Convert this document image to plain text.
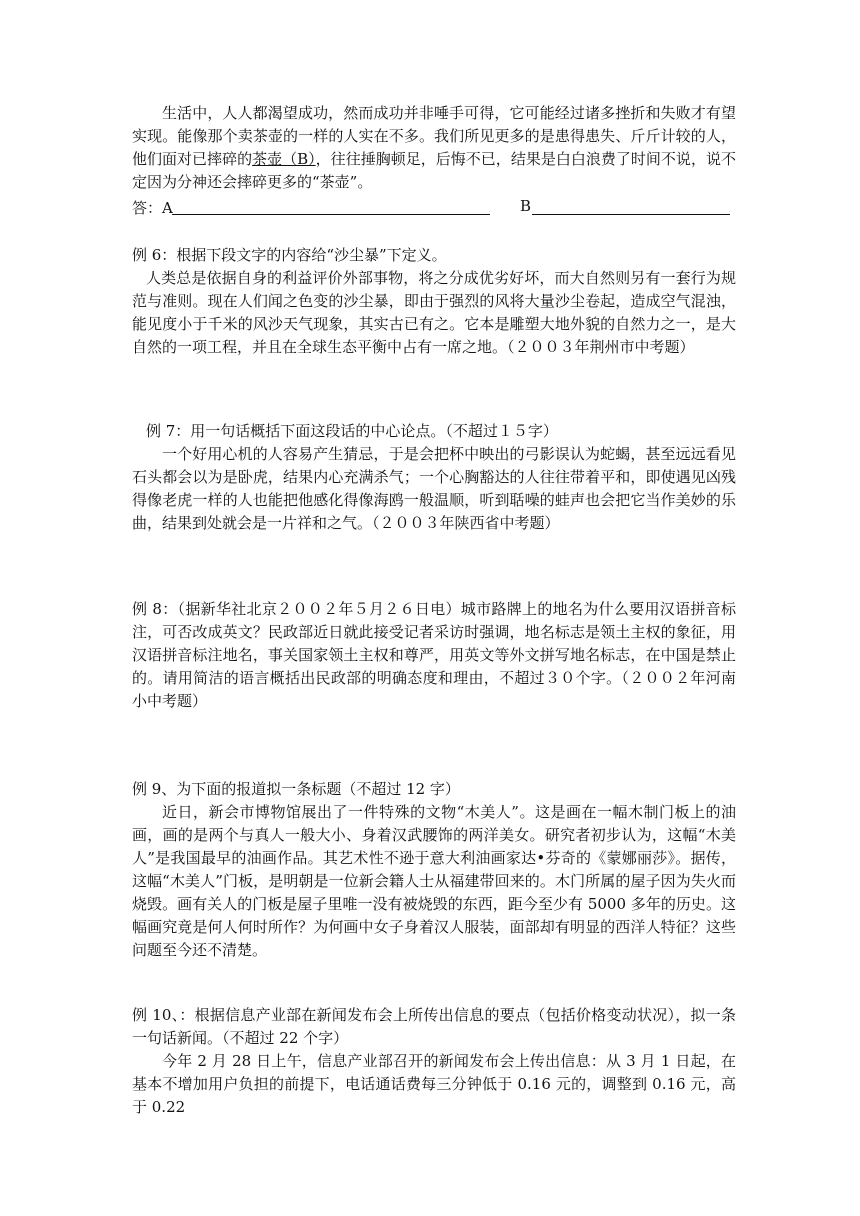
生活中，人人都渴望成功，然而成功并非唾手可得，它可能经过诸多挫折和失败才有望实现。能像那个卖茶壶的一样的人实在不多。我们所见更多的是患得患失、斤斤计较的人，他们面对已摔碎的茶壶（B），往往捶胸顿足，后悔不已，结果是白白浪费了时间不说，说不定因为分神还会摔碎更多的“茶壶”。

答：A	B

例 6：根据下段文字的内容给“沙尘暴”下定义。

人类总是依据自身的利益评价外部事物，将之分成优劣好坏，而大自然则另有一套行为规范与准则。现在人们闻之色变的沙尘暴，即由于强烈的风将大量沙尘卷起，造成空气混浊，能见度小于千米的风沙天气现象，其实古已有之。它本是雕塑大地外貌的自然力之一，是大自然的一项工程，并且在全球生态平衡中占有一席之地。（２００３年荆州市中考题）

例 7：用一句话概括下面这段话的中心论点。（不超过１５字）

一个好用心机的人容易产生猜忌，于是会把杯中映出的弓影误认为蛇蝎，甚至远远看见石头都会以为是卧虎，结果内心充满杀气；一个心胸豁达的人往往带着平和，即使遇见凶残得像老虎一样的人也能把他感化得像海鸥一般温顺，听到聒噪的蛙声也会把它当作美妙的乐曲，结果到处就会是一片祥和之气。（２００３年陕西省中考题）

例 8：（据新华社北京２００２年５月２６日电）城市路牌上的地名为什么要用汉语拼音标注，可否改成英文？民政部近日就此接受记者采访时强调，地名标志是领土主权的象征，用汉语拼音标注地名，事关国家领土主权和尊严，用英文等外文拼写地名标志，在中国是禁止的。请用简洁的语言概括出民政部的明确态度和理由，不超过３０个字。（２００２年河南小中考题）

例 9、为下面的报道拟一条标题（不超过 12 字）

近日，新会市博物馆展出了一件特殊的文物“木美人”。这是画在一幅木制门板上的油画，画的是两个与真人一般大小、身着汉武腰饰的两洋美女。研究者初步认为，这幅“木美人”是我国最早的油画作品。其艺术性不逊于意大利油画家达•芬奇的《蒙娜丽莎》。据传，这幅“木美人”门板，是明朝是一位新会籍人士从福建带回来的。木门所属的屋子因为失火而烧毁。画有关人的门板是屋子里唯一没有被烧毁的东西，距今至少有 5000 多年的历史。这幅画究竟是何人何时所作？为何画中女子身着汉人服装，面部却有明显的西洋人特征？这些问题至今还不清楚。

例 10、：根据信息产业部在新闻发布会上所传出信息的要点（包括价格变动状况），拟一条一句话新闻。（不超过 22 个字）

今年 2 月 28 日上午，信息产业部召开的新闻发布会上传出信息：从 3 月 1 日起，在基本不增加用户负担的前提下，电话通话费每三分钟低于 0.16 元的，调整到 0.16 元，高于 0.22
